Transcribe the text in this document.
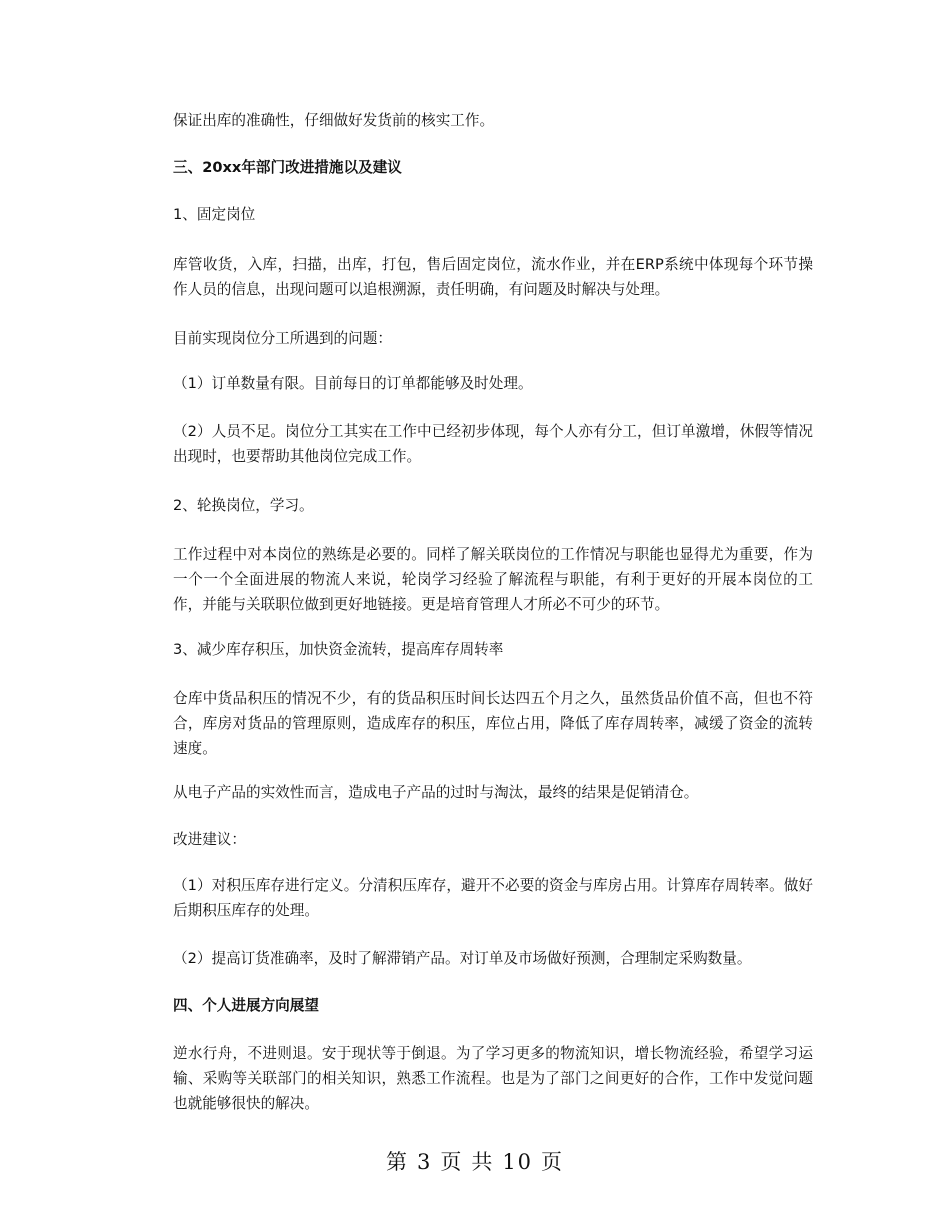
保证出库的准确性，仔细做好发货前的核实工作。

三、20xx年部门改进措施以及建议

1、固定岗位

库管收货，入库，扫描，出库，打包，售后固定岗位，流水作业，并在ERP系统中体现每个环节操作人员的信息，出现问题可以追根溯源，责任明确，有问题及时解决与处理。

目前实现岗位分工所遇到的问题：

（1）订单数量有限。目前每日的订单都能够及时处理。

（2）人员不足。岗位分工其实在工作中已经初步体现，每个人亦有分工，但订单激增，休假等情况出现时，也要帮助其他岗位完成工作。

2、轮换岗位，学习。

工作过程中对本岗位的熟练是必要的。同样了解关联岗位的工作情况与职能也显得尤为重要，作为一个一个全面进展的物流人来说，轮岗学习经验了解流程与职能，有利于更好的开展本岗位的工作，并能与关联职位做到更好地链接。更是培育管理人才所必不可少的环节。

3、减少库存积压，加快资金流转，提高库存周转率

仓库中货品积压的情况不少，有的货品积压时间长达四五个月之久，虽然货品价值不高，但也不符合，库房对货品的管理原则，造成库存的积压，库位占用，降低了库存周转率，减缓了资金的流转速度。

从电子产品的实效性而言，造成电子产品的过时与淘汰，最终的结果是促销清仓。

改进建议：

（1）对积压库存进行定义。分清积压库存，避开不必要的资金与库房占用。计算库存周转率。做好后期积压库存的处理。

（2）提高订货准确率，及时了解滞销产品。对订单及市场做好预测，合理制定采购数量。

四、个人进展方向展望

逆水行舟，不进则退。安于现状等于倒退。为了学习更多的物流知识，增长物流经验，希望学习运输、采购等关联部门的相关知识，熟悉工作流程。也是为了部门之间更好的合作，工作中发觉问题也就能够很快的解决。

第 3 页 共 10 页
